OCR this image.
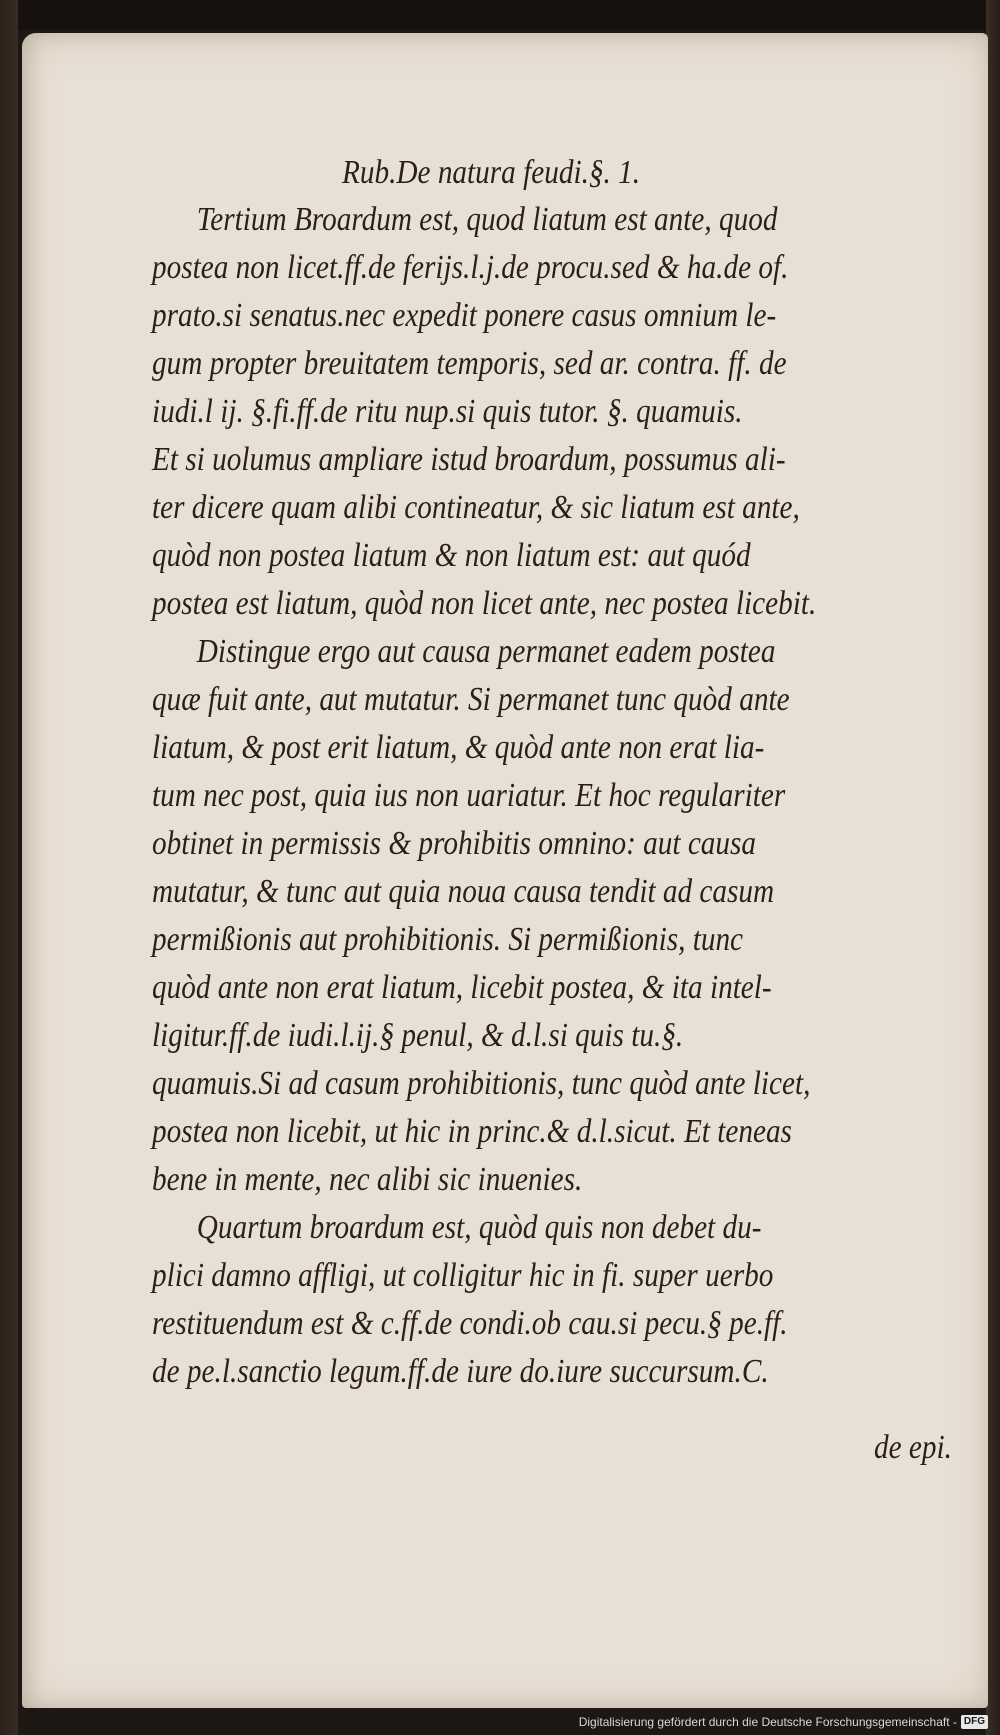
Rub.De natura feudi.§. 1.
Tertium Broardum est, quod liatum est ante, quod
postea non licet.ff.de ferijs.l.j.de procu.sed & ha.de of.
prato.si senatus.nec expedit ponere casus omnium le-
gum propter breuitatem temporis, sed ar. contra. ff. de
iudi.l ij. §.fi.ff.de ritu nup.si quis tutor. §. quamuis.
Et si uolumus ampliare istud broardum, possumus ali-
ter dicere quam alibi contineatur, & sic liatum est ante,
quòd non postea liatum & non liatum est: aut quód
postea est liatum, quòd non licet ante, nec postea licebit.
Distingue ergo aut causa permanet eadem postea
quæ fuit ante, aut mutatur. Si permanet tunc quòd ante
liatum, & post erit liatum, & quòd ante non erat lia-
tum nec post, quia ius non uariatur. Et hoc regulariter
obtinet in permissis & prohibitis omnino: aut causa
mutatur, & tunc aut quia noua causa tendit ad casum
permißionis aut prohibitionis. Si permißionis, tunc
quòd ante non erat liatum, licebit postea, & ita intel-
ligitur.ff.de iudi.l.ij.§ penul, & d.l.si quis tu.§.
quamuis.Si ad casum prohibitionis, tunc quòd ante licet,
postea non licebit, ut hic in princ.& d.l.sicut. Et teneas
bene in mente, nec alibi sic inuenies.
Quartum broardum est, quòd quis non debet du-
plici damno affligi, ut colligitur hic in fi. super uerbo
restituendum est & c.ff.de condi.ob cau.si pecu.§ pe.ff.
de pe.l.sanctio legum.ff.de iure do.iure succursum.C.
de epi.
Digitalisierung gefördert durch die Deutsche Forschungsgemeinschaft - DFG
